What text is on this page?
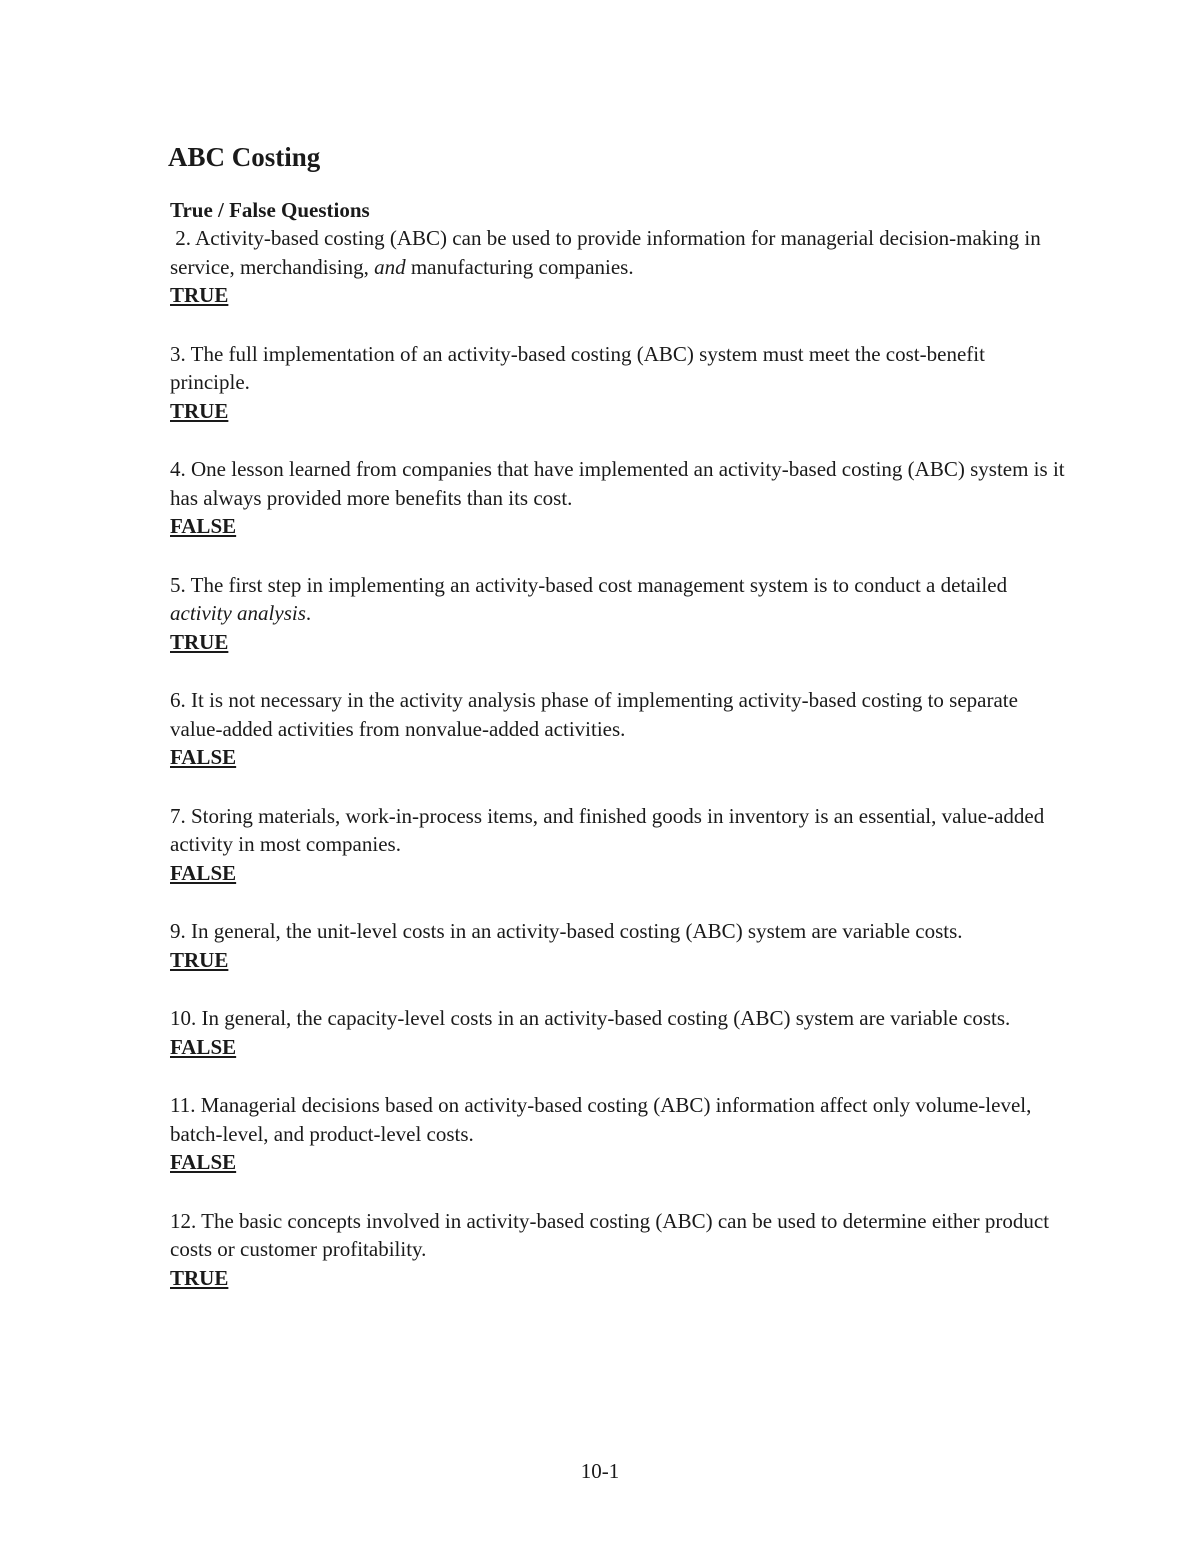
ABC Costing
True / False Questions
2. Activity-based costing (ABC) can be used to provide information for managerial decision-making in service, merchandising, and manufacturing companies.
TRUE
3. The full implementation of an activity-based costing (ABC) system must meet the cost-benefit principle.
TRUE
4. One lesson learned from companies that have implemented an activity-based costing (ABC) system is it has always provided more benefits than its cost.
FALSE
5. The first step in implementing an activity-based cost management system is to conduct a detailed activity analysis.
TRUE
6. It is not necessary in the activity analysis phase of implementing activity-based costing to separate value-added activities from nonvalue-added activities.
FALSE
7. Storing materials, work-in-process items, and finished goods in inventory is an essential, value-added activity in most companies.
FALSE
9. In general, the unit-level costs in an activity-based costing (ABC) system are variable costs.
TRUE
10. In general, the capacity-level costs in an activity-based costing (ABC) system are variable costs.
FALSE
11. Managerial decisions based on activity-based costing (ABC) information affect only volume-level, batch-level, and product-level costs.
FALSE
12. The basic concepts involved in activity-based costing (ABC) can be used to determine either product costs or customer profitability.
TRUE
10-1
